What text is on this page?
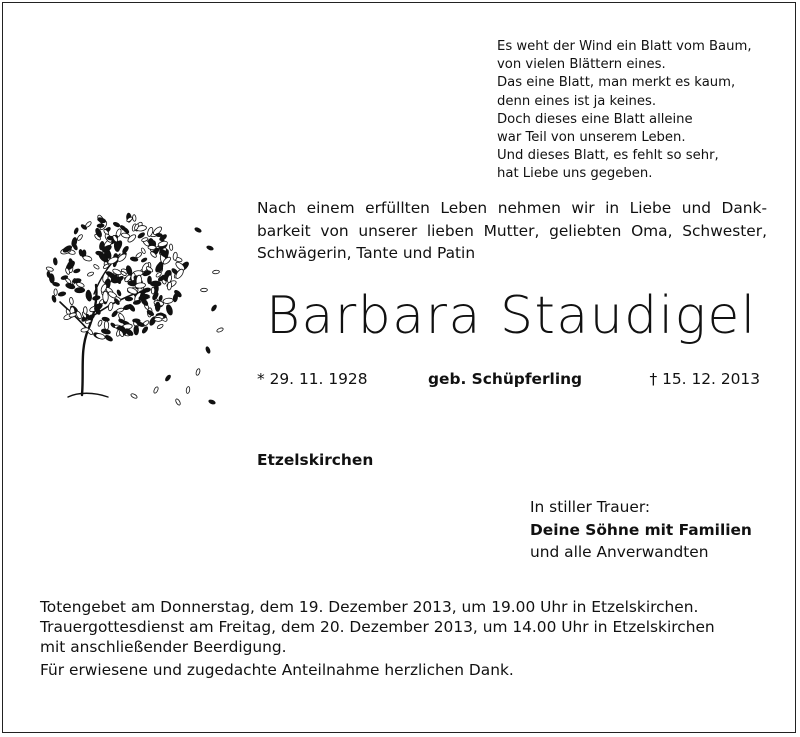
Es weht der Wind ein Blatt vom Baum,
von vielen Blättern eines.
Das eine Blatt, man merkt es kaum,
denn eines ist ja keines.
Doch dieses eine Blatt alleine
war Teil von unserem Leben.
Und dieses Blatt, es fehlt so sehr,
hat Liebe uns gegeben.
Nach einem erfüllten Leben nehmen wir in Liebe und Dank-
barkeit von unserer lieben Mutter, geliebten Oma, Schwester,
Schwägerin, Tante und Patin
Barbara Staudigel
* 29. 11. 1928	geb. Schüpferling	† 15. 12. 2013
Etzelskirchen
In stiller Trauer:
Deine Söhne mit Familien
und alle Anverwandten
Totengebet am Donnerstag, dem 19. Dezember 2013, um 19.00 Uhr in Etzelskirchen.
Trauergottesdienst am Freitag, dem 20. Dezember 2013, um 14.00 Uhr in Etzelskirchen
mit anschließender Beerdigung.
Für erwiesene und zugedachte Anteilnahme herzlichen Dank.
